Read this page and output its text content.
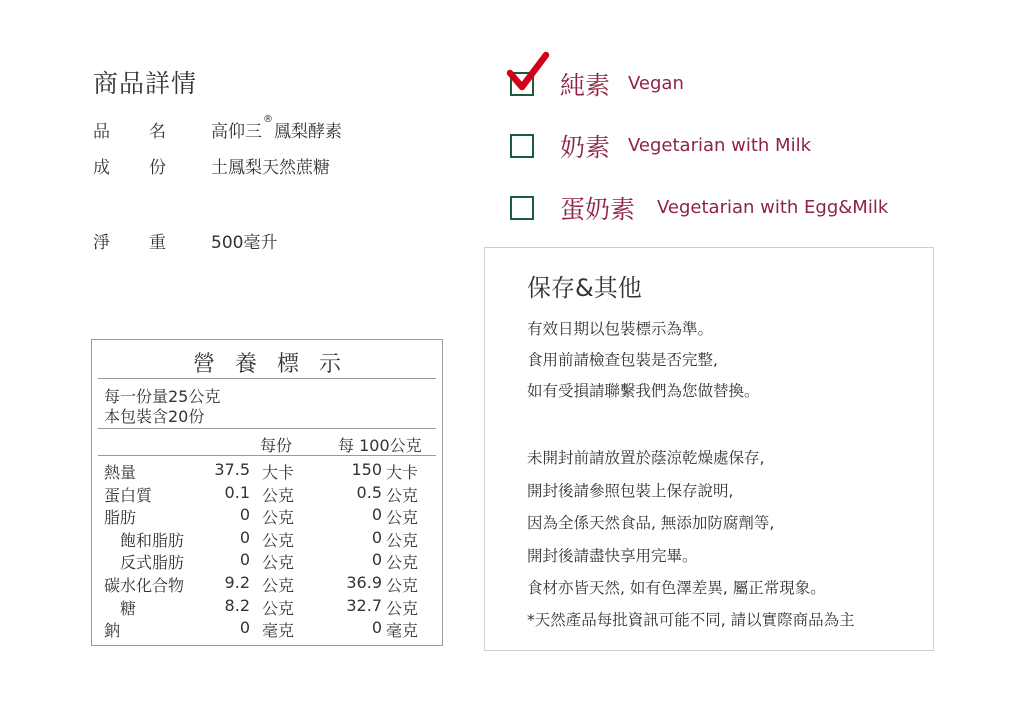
商品詳情
品 名	高仰三®鳳梨酵素
成 份	土鳳梨天然蔗糖
淨 重	500毫升
純素 Vegan
奶素 Vegetarian with Milk
蛋奶素 Vegetarian with Egg&Milk
保存&其他
有效日期以包裝標示為準。
食用前請檢查包裝是否完整,
如有受損請聯繫我們為您做替換。
未開封前請放置於蔭涼乾燥處保存,
開封後請參照包裝上保存說明,
因為全係天然食品, 無添加防腐劑等,
開封後請盡快享用完畢。
食材亦皆天然, 如有色澤差異, 屬正常現象。
*天然產品每批資訊可能不同, 請以實際商品為主
營養標示
每一份量25公克
本包裝含20份
每份	每 100公克
熱量	37.5 大卡	150 大卡
蛋白質	0.1 公克	0.5 公克
脂肪	0 公克	0 公克
飽和脂肪	0 公克	0 公克
反式脂肪	0 公克	0 公克
碳水化合物	9.2 公克	36.9 公克
糖	8.2 公克	32.7 公克
鈉	0 毫克	0 毫克
